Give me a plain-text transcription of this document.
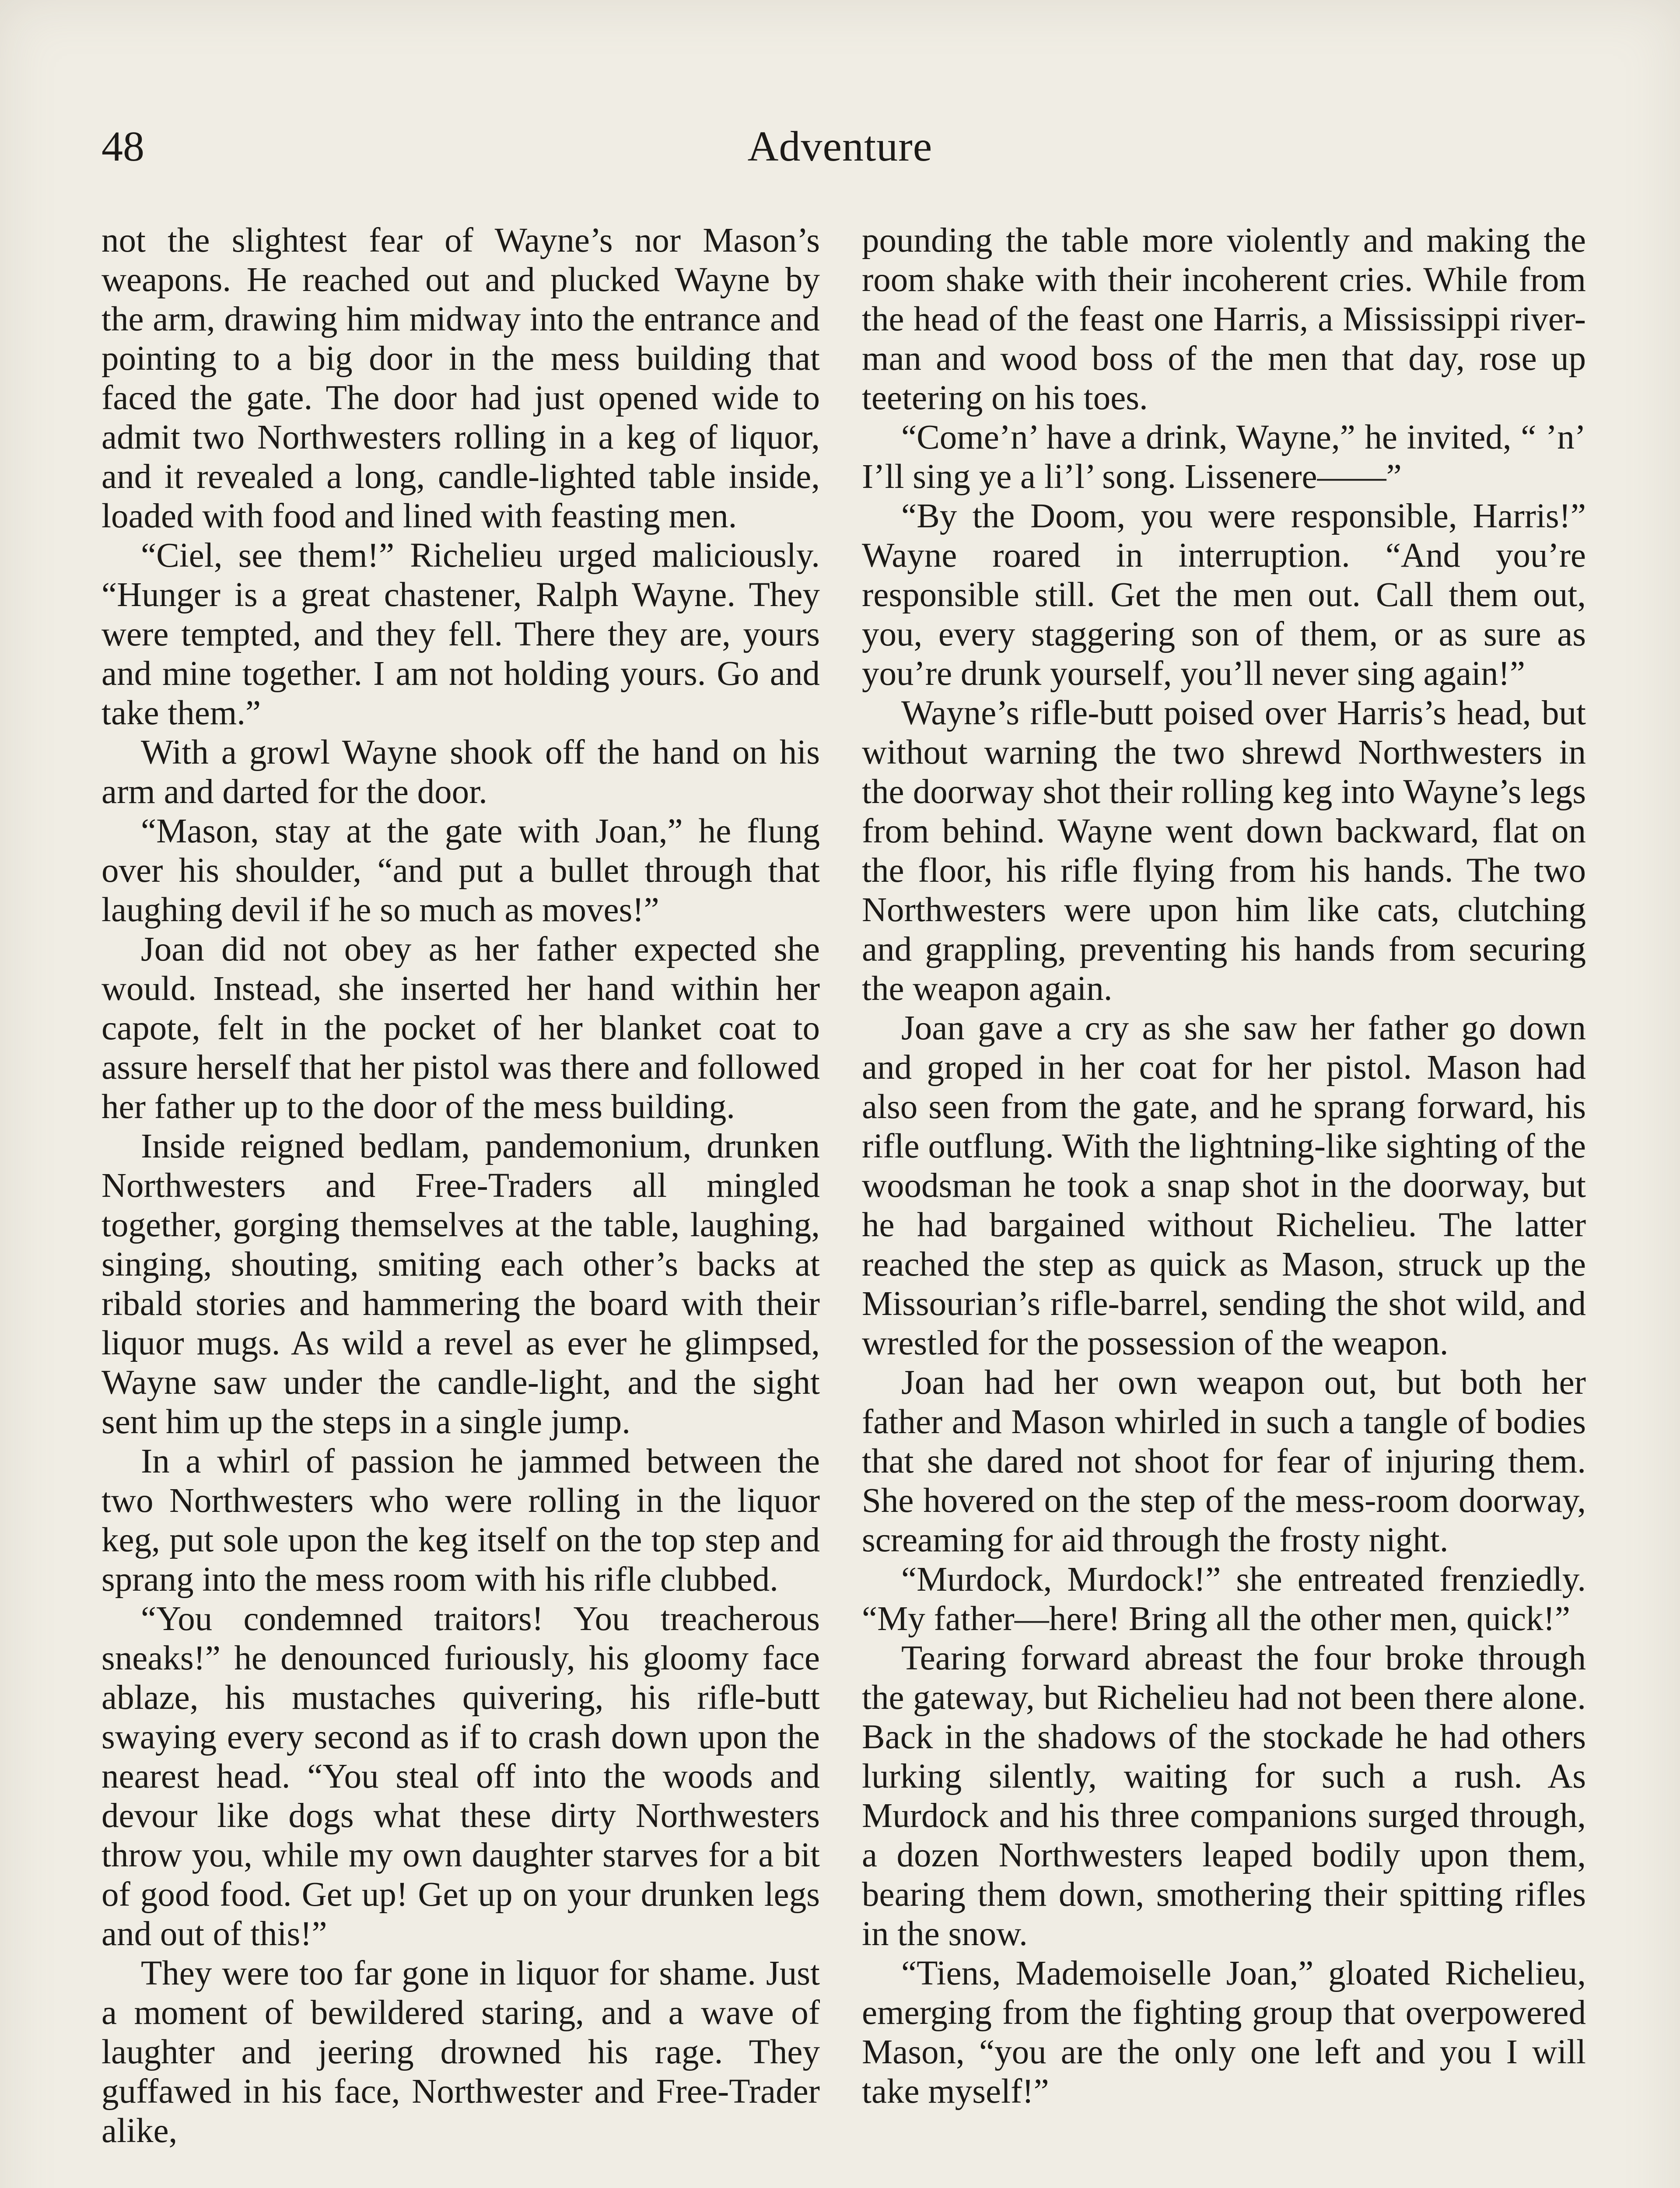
48	Adventure

not the slightest fear of Wayne’s nor Mason’s weapons. He reached out and plucked Wayne by the arm, drawing him midway into the entrance and pointing to a big door in the mess building that faced the gate. The door had just opened wide to admit two Northwesters rolling in a keg of liquor, and it revealed a long, candle-lighted table inside, loaded with food and lined with feasting men.

“Ciel, see them!” Richelieu urged maliciously. “Hunger is a great chastener, Ralph Wayne. They were tempted, and they fell. There they are, yours and mine together. I am not holding yours. Go and take them.”

With a growl Wayne shook off the hand on his arm and darted for the door.

“Mason, stay at the gate with Joan,” he flung over his shoulder, “and put a bullet through that laughing devil if he so much as moves!”

Joan did not obey as her father expected she would. Instead, she inserted her hand within her capote, felt in the pocket of her blanket coat to assure herself that her pistol was there and followed her father up to the door of the mess building.

Inside reigned bedlam, pandemonium, drunken Northwesters and Free-Traders all mingled together, gorging themselves at the table, laughing, singing, shouting, smiting each other’s backs at ribald stories and hammering the board with their liquor mugs. As wild a revel as ever he glimpsed, Wayne saw under the candle-light, and the sight sent him up the steps in a single jump.

In a whirl of passion he jammed between the two Northwesters who were rolling in the liquor keg, put sole upon the keg itself on the top step and sprang into the mess room with his rifle clubbed.

“You condemned traitors! You treacherous sneaks!” he denounced furiously, his gloomy face ablaze, his mustaches quivering, his rifle-butt swaying every second as if to crash down upon the nearest head. “You steal off into the woods and devour like dogs what these dirty Northwesters throw you, while my own daughter starves for a bit of good food. Get up! Get up on your drunken legs and out of this!”

They were too far gone in liquor for shame. Just a moment of bewildered staring, and a wave of laughter and jeering drowned his rage. They guffawed in his face, Northwester and Free-Trader alike,

pounding the table more violently and making the room shake with their incoherent cries. While from the head of the feast one Harris, a Mississippi river-man and wood boss of the men that day, rose up teetering on his toes.

“Come’n’ have a drink, Wayne,” he invited, “ ’n’ I’ll sing ye a li’l’ song. Lissenere——”

“By the Doom, you were responsible, Harris!” Wayne roared in interruption. “And you’re responsible still. Get the men out. Call them out, you, every staggering son of them, or as sure as you’re drunk yourself, you’ll never sing again!”

Wayne’s rifle-butt poised over Harris’s head, but without warning the two shrewd Northwesters in the doorway shot their rolling keg into Wayne’s legs from behind. Wayne went down backward, flat on the floor, his rifle flying from his hands. The two Northwesters were upon him like cats, clutching and grappling, preventing his hands from securing the weapon again.

Joan gave a cry as she saw her father go down and groped in her coat for her pistol. Mason had also seen from the gate, and he sprang forward, his rifle outflung. With the lightning-like sighting of the woodsman he took a snap shot in the doorway, but he had bargained without Richelieu. The latter reached the step as quick as Mason, struck up the Missourian’s rifle-barrel, sending the shot wild, and wrestled for the possession of the weapon.

Joan had her own weapon out, but both her father and Mason whirled in such a tangle of bodies that she dared not shoot for fear of injuring them. She hovered on the step of the mess-room doorway, screaming for aid through the frosty night.

“Murdock, Murdock!” she entreated frenziedly. “My father—here! Bring all the other men, quick!”

Tearing forward abreast the four broke through the gateway, but Richelieu had not been there alone. Back in the shadows of the stockade he had others lurking silently, waiting for such a rush. As Murdock and his three companions surged through, a dozen Northwesters leaped bodily upon them, bearing them down, smothering their spitting rifles in the snow.

“Tiens, Mademoiselle Joan,” gloated Richelieu, emerging from the fighting group that overpowered Mason, “you are the only one left and you I will take myself!”
